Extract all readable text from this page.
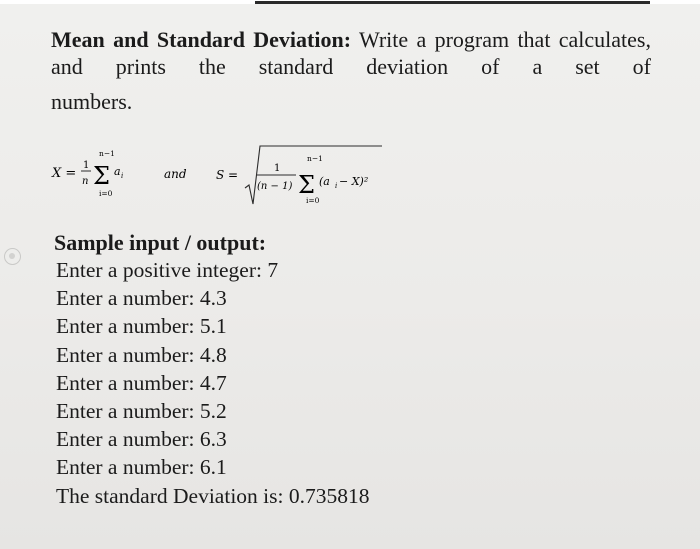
Mean and Standard Deviation: Write a program that calculates, and prints the standard deviation of a set of

numbers.

X =
1
n
n−1
Σ
i=0
a i	and S =	1
(n − 1)
n−1
Σ
i=0
(a i − X)²

Sample input / output:

Enter a positive integer: 7
Enter a number: 4.3
Enter a number: 5.1
Enter a number: 4.8
Enter a number: 4.7
Enter a number: 5.2
Enter a number: 6.3
Enter a number: 6.1
The standard Deviation is: 0.735818
